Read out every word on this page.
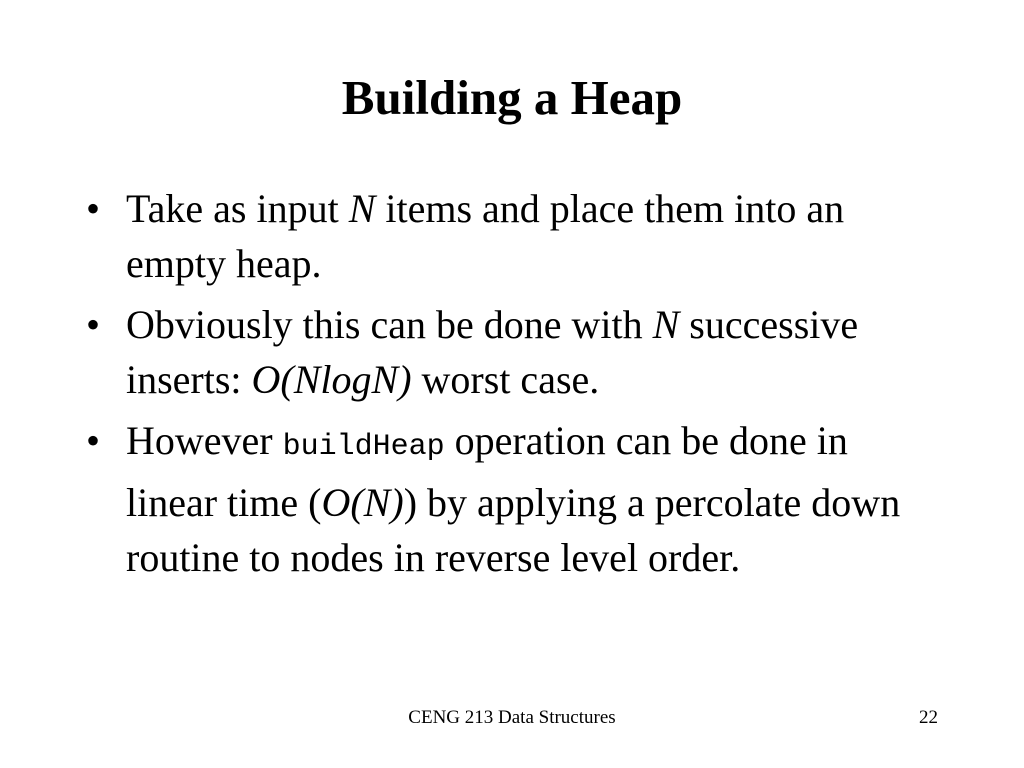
Building a Heap
• Take as input N items and place them into an empty heap.
• Obviously this can be done with N successive inserts: O(NlogN) worst case.
• However buildHeap operation can be done in linear time (O(N)) by applying a percolate down routine to nodes in reverse level order.
CENG 213 Data Structures	22
